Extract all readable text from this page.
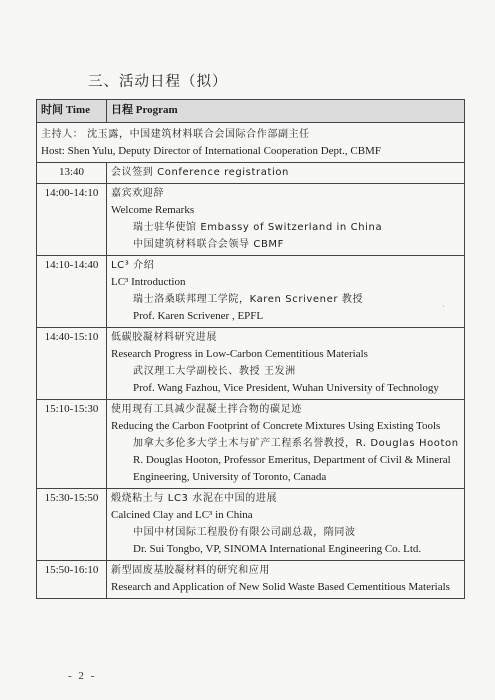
三、活动日程（拟）
时间 Time	日程 Program

主持人： 沈玉露，中国建筑材料联合会国际合作部副主任
Host: Shen Yulu, Deputy Director of International Cooperation Dept., CBMF	

13:40	会议签到 Conference registration

14:00-14:10	嘉宾欢迎辞
Welcome Remarks
瑞士驻华使馆 Embassy of Switzerland in China
中国建筑材料联合会领导 CBMF

14:10-14:40	LC³ 介绍
LC³ Introduction
瑞士洛桑联邦理工学院，Karen Scrivener 教授
Prof. Karen Scrivener , EPFL

14:40-15:10	低碳胶凝材料研究进展
Research Progress in Low-Carbon Cementitious Materials
武汉理工大学副校长、教授 王发洲
Prof. Wang Fazhou, Vice President, Wuhan University of Technology

15:10-15:30	使用现有工具减少混凝土拌合物的碳足迹
Reducing the Carbon Footprint of Concrete Mixtures Using Existing Tools
加拿大多伦多大学土木与矿产工程系名誉教授，R. Douglas Hooton
R. Douglas Hooton, Professor Emeritus, Department of Civil & Mineral Engineering, University of Toronto, Canada

15:30-15:50	煅烧粘土与 LC3 水泥在中国的进展
Calcined Clay and LC³ in China
中国中材国际工程股份有限公司副总裁，隋同波
Dr. Sui Tongbo, VP, SINOMA International Engineering Co. Ltd.

15:50-16:10	新型固废基胶凝材料的研究和应用
Research and Application of New Solid Waste Based Cementitious Materials
·
- 2 -
